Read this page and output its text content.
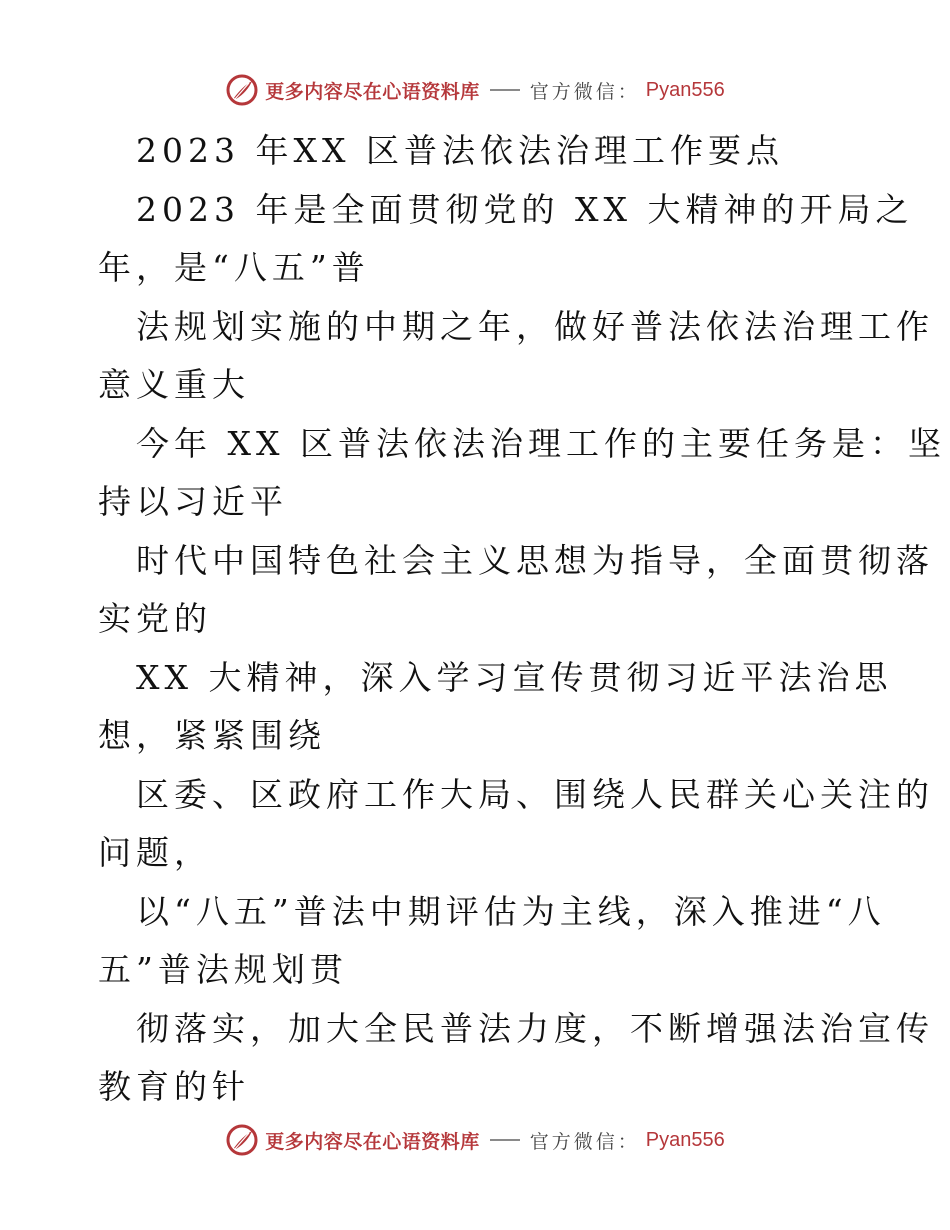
更多内容尽在心语资料库	官方微信： Pyan556
2023 年XX 区普法依法治理工作要点
2023 年是全面贯彻党的 XX 大精神的开局之
年，是“八五”普
法规划实施的中期之年，做好普法依法治理工作
意义重大
今年 XX 区普法依法治理工作的主要任务是：坚
持以习近平
时代中国特色社会主义思想为指导，全面贯彻落
实党的
XX 大精神，深入学习宣传贯彻习近平法治思
想，紧紧围绕
区委、区政府工作大局、围绕人民群关心关注的
问题，
以“八五”普法中期评估为主线，深入推进“八
五”普法规划贯
彻落实，加大全民普法力度，不断增强法治宣传
教育的针
更多内容尽在心语资料库	官方微信： Pyan556
